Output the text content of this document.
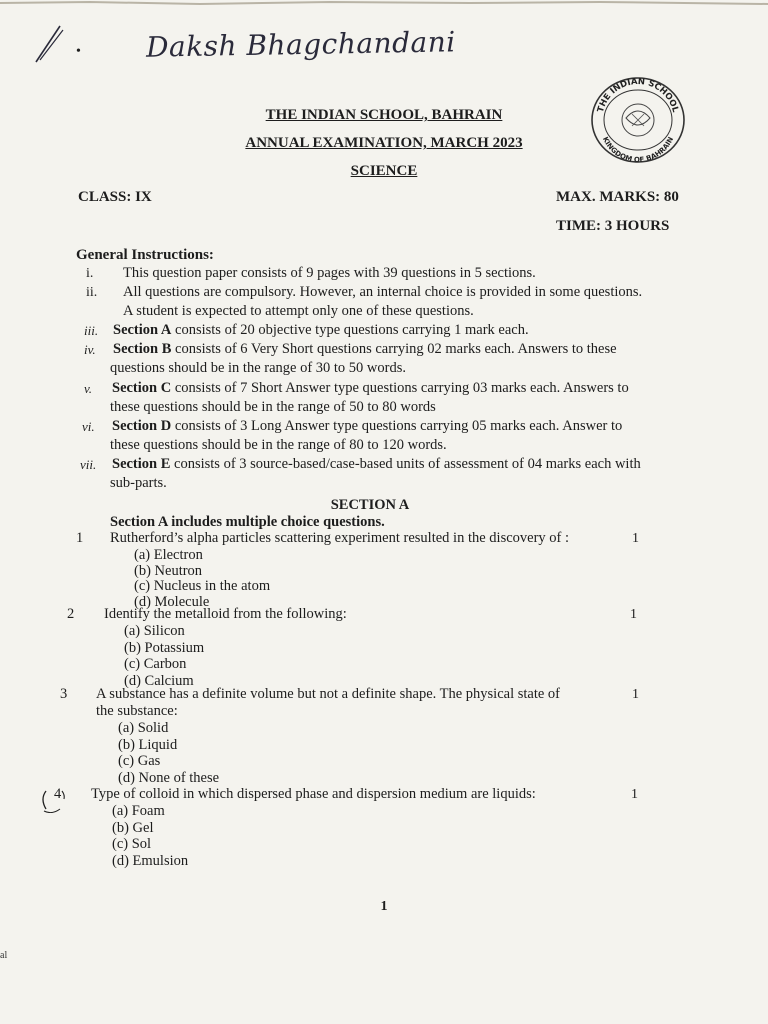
• Daksh Bhagchandani
THE INDIAN SCHOOL, BAHRAIN
ANNUAL EXAMINATION, MARCH 2023
SCIENCE
THE INDIAN SCHOOL
KINGDOM OF BAHRAIN
CLASS: IX	MAX. MARKS: 80
TIME: 3 HOURS
General Instructions:
i. This question paper consists of 9 pages with 39 questions in 5 sections.
ii. All questions are compulsory. However, an internal choice is provided in some questions.
A student is expected to attempt only one of these questions.
iii. Section A consists of 20 objective type questions carrying 1 mark each.
iv. Section B consists of 6 Very Short questions carrying 02 marks each. Answers to these
questions should be in the range of 30 to 50 words.
v. Section C consists of 7 Short Answer type questions carrying 03 marks each. Answers to
these questions should be in the range of 50 to 80 words
vi. Section D consists of 3 Long Answer type questions carrying 05 marks each. Answer to
these questions should be in the range of 80 to 120 words.
vii. Section E consists of 3 source-based/case-based units of assessment of 04 marks each with
sub-parts.
SECTION A
Section A includes multiple choice questions.
1 Rutherford’s alpha particles scattering experiment resulted in the discovery of :	1
(a) Electron
(b) Neutron
(c) Nucleus in the atom
(d) Molecule
2 Identify the metalloid from the following:	1
(a) Silicon
(b) Potassium
(c) Carbon
(d) Calcium
3 A substance has a definite volume but not a definite shape. The physical state of
the substance:
1
(a) Solid
(b) Liquid
(c) Gas
(d) None of these
4 Type of colloid in which dispersed phase and dispersion medium are liquids:	1
(a) Foam
(b) Gel
(c) Sol
(d) Emulsion
1
al
